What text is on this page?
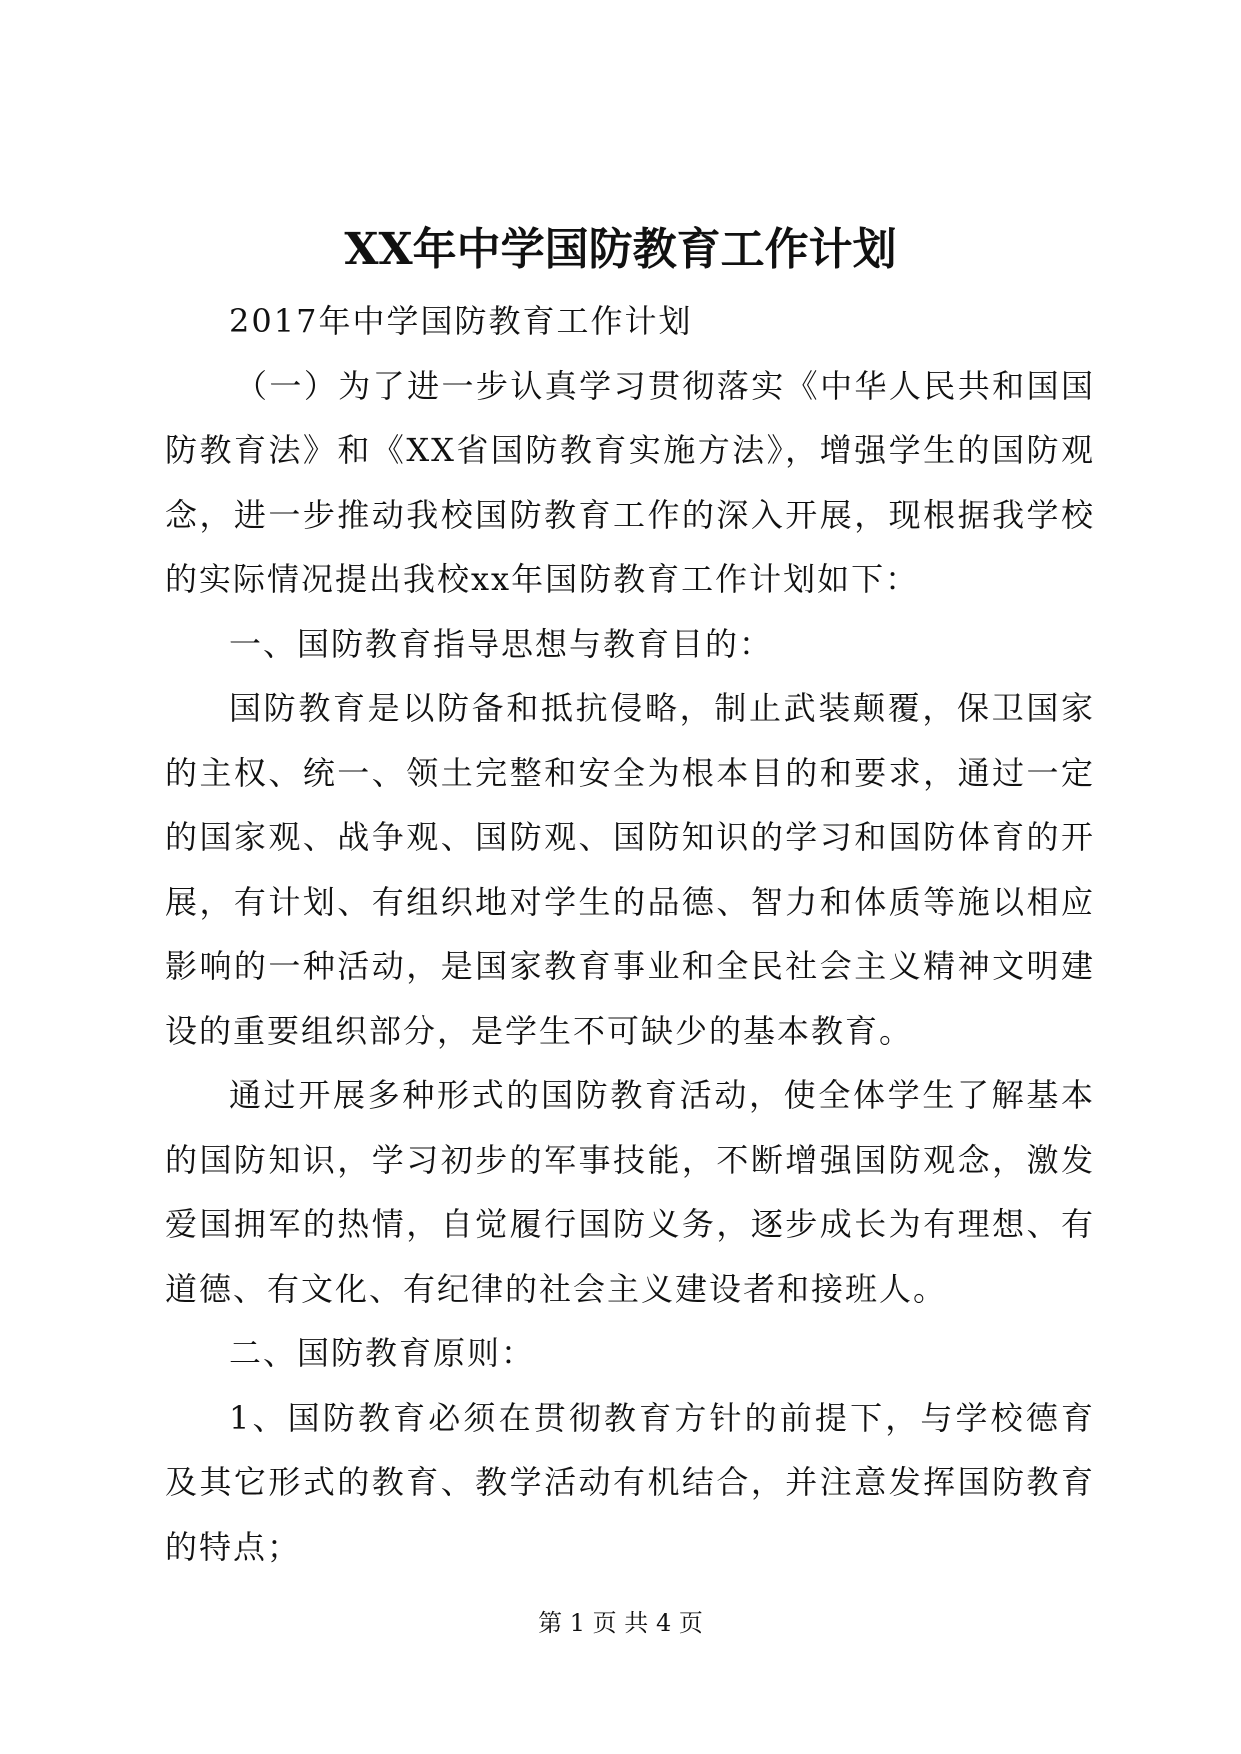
XX年中学国防教育工作计划

2017年中学国防教育工作计划

（一）为了进一步认真学习贯彻落实《中华人民共和国国防教育法》和《XX省国防教育实施方法》，增强学生的国防观念，进一步推动我校国防教育工作的深入开展，现根据我学校的实际情况提出我校xx年国防教育工作计划如下：

一、国防教育指导思想与教育目的：

国防教育是以防备和抵抗侵略，制止武装颠覆，保卫国家的主权、统一、领土完整和安全为根本目的和要求，通过一定的国家观、战争观、国防观、国防知识的学习和国防体育的开展，有计划、有组织地对学生的品德、智力和体质等施以相应影响的一种活动，是国家教育事业和全民社会主义精神文明建设的重要组织部分，是学生不可缺少的基本教育。

通过开展多种形式的国防教育活动，使全体学生了解基本的国防知识，学习初步的军事技能，不断增强国防观念，激发爱国拥军的热情，自觉履行国防义务，逐步成长为有理想、有道德、有文化、有纪律的社会主义建设者和接班人。

二、国防教育原则：

1、国防教育必须在贯彻教育方针的前提下，与学校德育及其它形式的教育、教学活动有机结合，并注意发挥国防教育的特点；

第 1 页 共 4 页
